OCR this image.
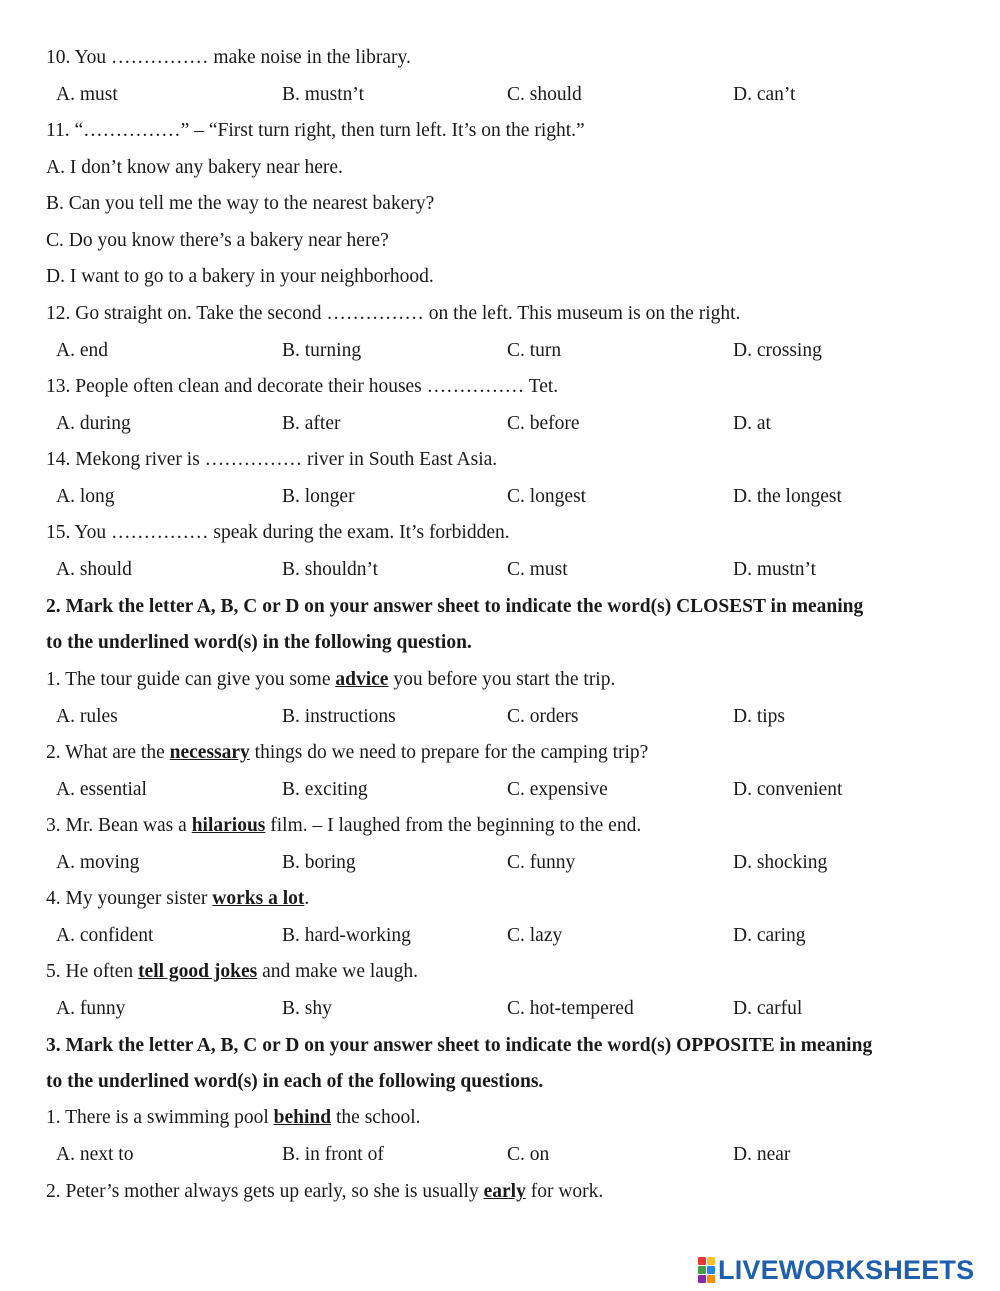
10. You …………… make noise in the library.
A. must	B. mustn’t	C. should	D. can’t
11. “……………” – “First turn right, then turn left. It’s on the right.”
A. I don’t know any bakery near here.
B. Can you tell me the way to the nearest bakery?
C. Do you know there’s a bakery near here?
D. I want to go to a bakery in your neighborhood.
12. Go straight on. Take the second …………… on the left. This museum is on the right.
A. end	B. turning	C. turn	D. crossing
13. People often clean and decorate their houses …………… Tet.
A. during	B. after	C. before	D. at
14. Mekong river is …………… river in South East Asia.
A. long	B. longer	C. longest	D. the longest
15. You …………… speak during the exam. It’s forbidden.
A. should	B. shouldn’t	C. must	D. mustn’t
2. Mark the letter A, B, C or D on your answer sheet to indicate the word(s) CLOSEST in meaning
to the underlined word(s) in the following question.
1. The tour guide can give you some advice you before you start the trip.
A. rules	B. instructions	C. orders	D. tips
2. What are the necessary things do we need to prepare for the camping trip?
A. essential	B. exciting	C. expensive	D. convenient
3. Mr. Bean was a hilarious film. – I laughed from the beginning to the end.
A. moving	B. boring	C. funny	D. shocking
4. My younger sister works a lot.
A. confident	B. hard-working	C. lazy	D. caring
5. He often tell good jokes and make we laugh.
A. funny	B. shy	C. hot-tempered	D. carful
3. Mark the letter A, B, C or D on your answer sheet to indicate the word(s) OPPOSITE in meaning
to the underlined word(s) in each of the following questions.
1. There is a swimming pool behind the school.
A. next to	B. in front of	C. on	D. near
2. Peter’s mother always gets up early, so she is usually early for work.
LIVEWORKSHEETS
